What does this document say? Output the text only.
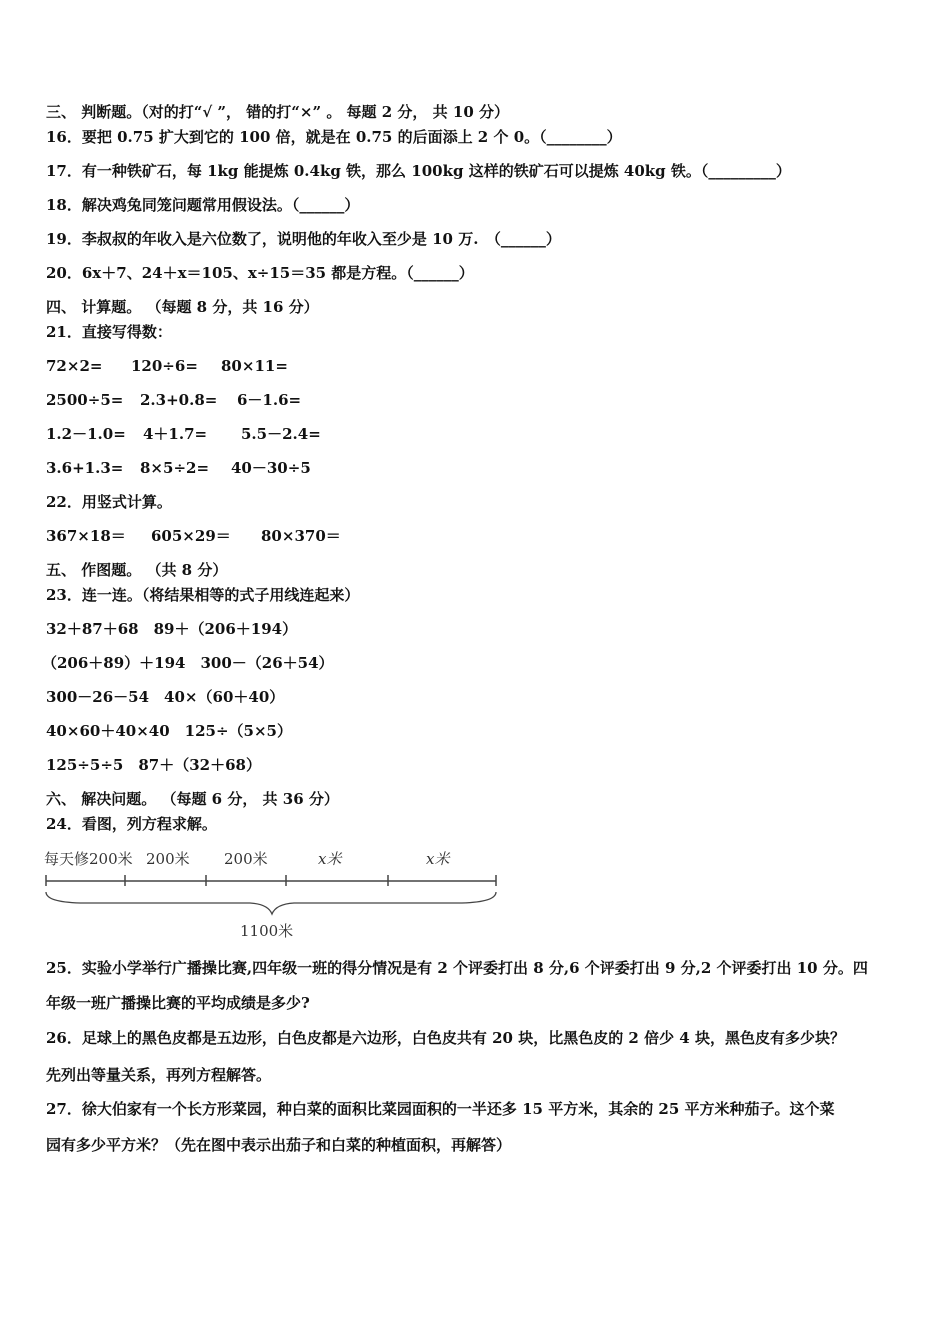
三、 判断题。（对的打“√ ”， 错的打“×” 。 每题 2 分， 共 10 分）
16．要把 0.75 扩大到它的 100 倍，就是在 0.75 的后面添上 2 个 0。（________）
17．有一种铁矿石，每 1kg 能提炼 0.4kg 铁，那么 100kg 这样的铁矿石可以提炼 40kg 铁。（_________）
18．解决鸡兔同笼问题常用假设法。（______）
19．李叔叔的年收入是六位数了，说明他的年收入至少是 10 万.　（______）
20．6x＋7、24＋x＝105、x÷15＝35 都是方程。（______）
四、 计算题。 （每题 8 分，共 16 分）
21．直接写得数：
72×2= 120÷6= 80×11=
2500÷5= 2.3+0.8= 6－1.6=
1.2－1.0= 4＋1.7= 5.5－2.4=
3.6+1.3= 8×5÷2= 40－30÷5
22．用竖式计算。
367×18＝ 605×29＝ 80×370＝
五、 作图题。 （共 8 分）
23．连一连。（将结果相等的式子用线连起来）
32＋87＋68　89＋（206＋194）
（206＋89）＋194　300－（26＋54）
300－26－54　40×（60＋40）
40×60＋40×40　125÷（5×5）
125÷5÷5　87＋（32＋68）
六、 解决问题。 （每题 6 分， 共 36 分）
24．看图，列方程求解。
每天修200米 200米 200米	x米	x米
1100米
25．实验小学举行广播操比赛,四年级一班的得分情况是有 2 个评委打出 8 分,6 个评委打出 9 分,2 个评委打出 10 分。四
年级一班广播操比赛的平均成绩是多少?
26．足球上的黑色皮都是五边形，白色皮都是六边形，白色皮共有 20 块，比黑色皮的 2 倍少 4 块，黑色皮有多少块？
先列出等量关系，再列方程解答。
27．徐大伯家有一个长方形菜园，种白菜的面积比菜园面积的一半还多 15 平方米，其余的 25 平方米种茄子。这个菜
园有多少平方米？（先在图中表示出茄子和白菜的种植面积，再解答）
